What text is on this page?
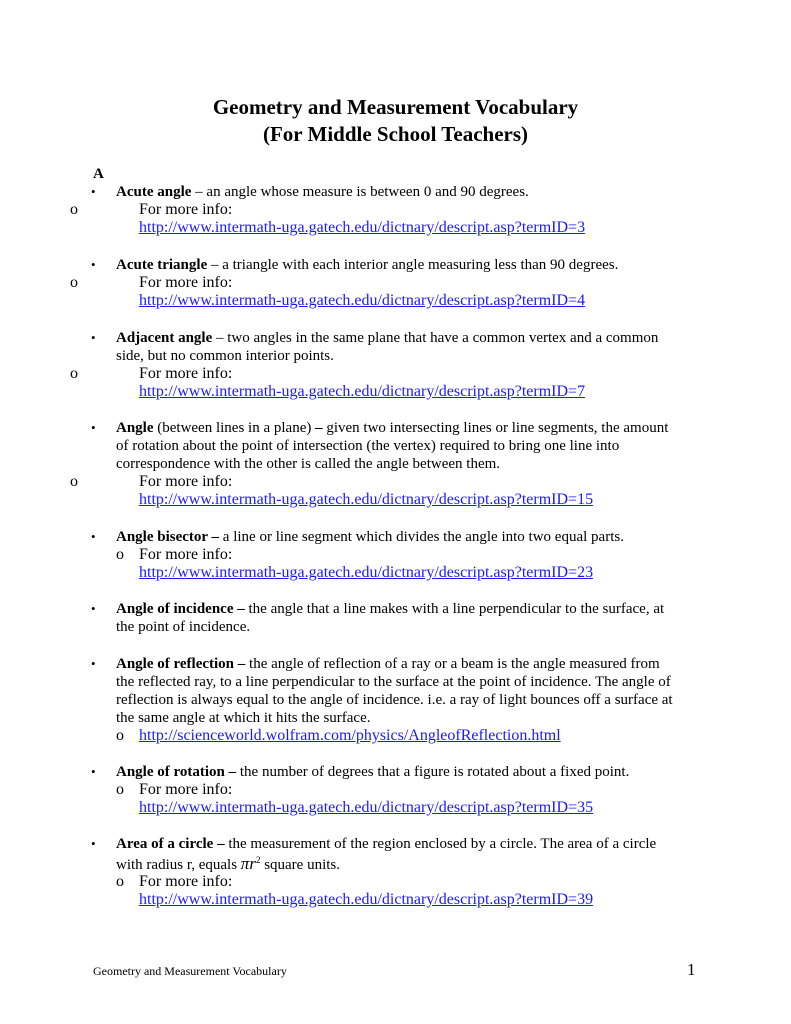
Geometry and Measurement Vocabulary
(For Middle School Teachers)
A
• Acute angle – an angle whose measure is between 0 and 90 degrees.
o	For more info:
http://www.intermath-uga.gatech.edu/dictnary/descript.asp?termID=3
• Acute triangle – a triangle with each interior angle measuring less than 90 degrees.
o	For more info:
http://www.intermath-uga.gatech.edu/dictnary/descript.asp?termID=4
• Adjacent angle – two angles in the same plane that have a common vertex and a common
side, but no common interior points.
o	For more info:
http://www.intermath-uga.gatech.edu/dictnary/descript.asp?termID=7
• Angle (between lines in a plane) – given two intersecting lines or line segments, the amount
of rotation about the point of intersection (the vertex) required to bring one line into
correspondence with the other is called the angle between them.
o	For more info:
http://www.intermath-uga.gatech.edu/dictnary/descript.asp?termID=15
• Angle bisector – a line or line segment which divides the angle into two equal parts.
o For more info:
http://www.intermath-uga.gatech.edu/dictnary/descript.asp?termID=23
• Angle of incidence – the angle that a line makes with a line perpendicular to the surface, at
the point of incidence.
• Angle of reflection – the angle of reflection of a ray or a beam is the angle measured from
the reflected ray, to a line perpendicular to the surface at the point of incidence. The angle of
reflection is always equal to the angle of incidence. i.e. a ray of light bounces off a surface at
the same angle at which it hits the surface.
o http://scienceworld.wolfram.com/physics/AngleofReflection.html
• Angle of rotation – the number of degrees that a figure is rotated about a fixed point.
o For more info:
http://www.intermath-uga.gatech.edu/dictnary/descript.asp?termID=35
• Area of a circle – the measurement of the region enclosed by a circle. The area of a circle
with radius r, equals $\pi r^2$ square units.
o For more info:
http://www.intermath-uga.gatech.edu/dictnary/descript.asp?termID=39
Geometry and Measurement Vocabulary	1
